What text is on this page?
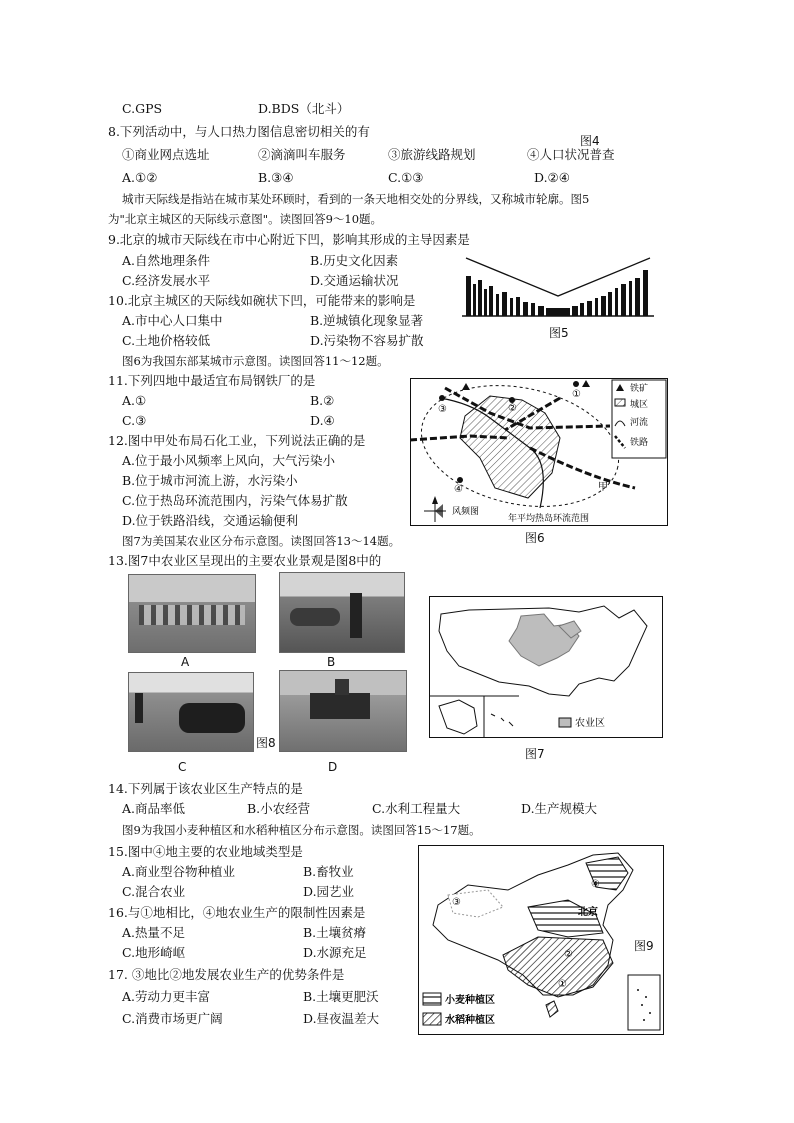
C.GPS	D.BDS（北斗）
8.下列活动中，与人口热力图信息密切相关的有
图4
①商业网点选址	②滴滴叫车服务	③旅游线路规划	④人口状况普查
A.①②	B.③④	C.①③	D.②④
城市天际线是指站在城市某处环顾时，看到的一条天地相交处的分界线，又称城市轮廓。图5
为"北京主城区的天际线示意图"。读图回答9～10题。
9.北京的城市天际线在市中心附近下凹，影响其形成的主导因素是
A.自然地理条件	B.历史文化因素
C.经济发展水平	D.交通运输状况
10.北京主城区的天际线如碗状下凹，可能带来的影响是
A.市中心人口集中	B.逆城镇化现象显著
C.土地价格较低	D.污染物不容易扩散	图5
图6为我国东部某城市示意图。读图回答11～12题。
11.下列四地中最适宜布局钢铁厂的是
A.①	B.②
C.③	D.④
12.图中甲处布局石化工业，下列说法正确的是
A.位于最小风频率上风向，大气污染小
B.位于城市河流上游，水污染小
C.位于热岛环流范围内，污染气体易扩散
D.位于铁路沿线，交通运输便利
③	②
①
④	甲
铁矿
城区
河流
铁路
风频图
年平均热岛环流范围
图6
图7为美国某农业区分布示意图。读图回答13～14题。
13.图7中农业区呈现出的主要农业景观是图8中的
A	B
C
图8
D
农业区
图7
14.下列属于该农业区生产特点的是
A.商品率低	B.小农经营	C.水利工程量大	D.生产规模大
图9为我国小麦种植区和水稻种植区分布示意图。读图回答15～17题。
15.图中④地主要的农业地域类型是
A.商业型谷物种植业	B.畜牧业
C.混合农业	D.园艺业
16.与①地相比，④地农业生产的限制性因素是
A.热量不足	B.土壤贫瘠
C.地形崎岖	D.水源充足
17. ③地比②地发展农业生产的优势条件是
A.劳动力更丰富	B.土壤更肥沃
C.消费市场更广阔	D.昼夜温差大
④
③
②
①
北京
小麦种植区
水稻种植区
图9
